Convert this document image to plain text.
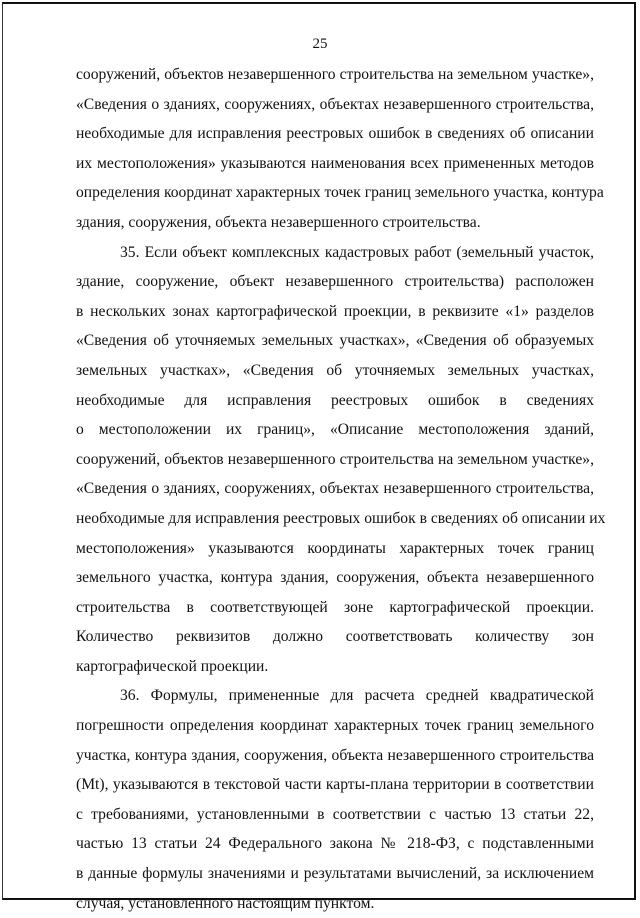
25
сооружений, объектов незавершенного строительства на земельном участке»,
«Сведения о зданиях, сооружениях, объектах незавершенного строительства,
необходимые для исправления реестровых ошибок в сведениях об описании
их местоположения» указываются наименования всех примененных методов
определения координат характерных точек границ земельного участка, контура
здания, сооружения, объекта незавершенного строительства.
35. Если объект комплексных кадастровых работ (земельный участок,
здание, сооружение, объект незавершенного строительства) расположен
в нескольких зонах картографической проекции, в реквизите «1» разделов
«Сведения об уточняемых земельных участках», «Сведения об образуемых
земельных участках», «Сведения об уточняемых земельных участках,
необходимые для исправления реестровых ошибок в сведениях
о местоположении их границ», «Описание местоположения зданий,
сооружений, объектов незавершенного строительства на земельном участке»,
«Сведения о зданиях, сооружениях, объектах незавершенного строительства,
необходимые для исправления реестровых ошибок в сведениях об описании их
местоположения» указываются координаты характерных точек границ
земельного участка, контура здания, сооружения, объекта незавершенного
строительства в соответствующей зоне картографической проекции.
Количество реквизитов должно соответствовать количеству зон
картографической проекции.
36. Формулы, примененные для расчета средней квадратической
погрешности определения координат характерных точек границ земельного
участка, контура здания, сооружения, объекта незавершенного строительства
(Mt), указываются в текстовой части карты-плана территории в соответствии
с требованиями, установленными в соответствии с частью 13 статьи 22,
частью 13 статьи 24 Федерального закона № 218-ФЗ, с подставленными
в данные формулы значениями и результатами вычислений, за исключением
случая, установленного настоящим пунктом.
